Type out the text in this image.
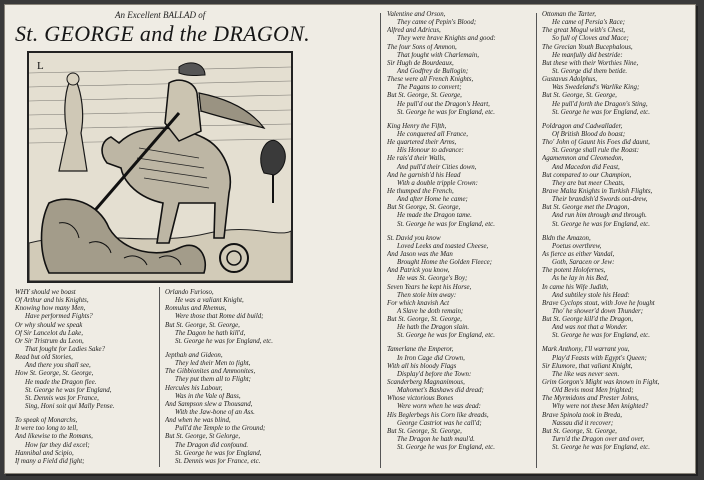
An Excellent BALLAD of
St. GEORGE and the DRAGON.
L
WHY should we boast
Of Arthur and his Knights,
Knowing how many Men,
Have performed Fights?
Or why should we speak
Of Sir Lancelot du Lake,
Or Sir Tristrum du Leon,
That fought for Ladies Sake?
Read but old Stories,
And there you shall see,
How St. George, St. George,
He made the Dragon flee.
St. George he was for England,
St. Dennis was for France,
Sing, Honi soit qui Mally Pense.
To speak of Monarchs,
It were too long to tell,
And likewise to the Romans,
How far they did excel;
Hannibal and Scipio,
If many a Field did fight;
Orlando Furioso,
He was a valiant Knight,
Romulus and Rhemus,
Were those that Rome did build;
But St. George, St. George,
The Dagon he hath kill'd,
St. George he was for England, etc.
Jepthah and Gideon,
They led their Men to fight,
The Gibbionites and Ammonites,
They put them all to Flight;
Hercules his Labour,
Was in the Vale of Bass,
And Sampson slew a Thousand,
With the Jaw-bone of an Ass.
And when he was blind,
Pull'd the Temple to the Ground;
But St. George, St Gelorge,
The Dragon did confound.
St. George he was for England,
St. Dennis was for France, etc.
Valentine and Orson,
They came of Pepin's Blood;
Alfred and Adricus,
They were brave Knights and good:
The four Sons of Ammon,
That fought with Charlemain,
Sir Hugh de Bourdeaux,
And Godfrey de Bullogin;
These were all French Knights,
The Pagans to convert;
But St. George, St. George,
He pull'd out the Dragon's Heart,
St. George he was for England, etc.
King Henry the Fifth,
He conquered all France,
He quartered their Arms,
His Honour to advance:
He rais'd their Walls,
And pull'd their Cities down,
And he garnish'd his Head
With a double tripple Crown:
He thumped the French,
And after Home he came;
But St George, St. George,
He made the Dragon tame.
St. George he was for England, etc.
St. David you know
Loved Leeks and toasted Cheese,
And Jason was the Man
Brought Home the Golden Fleece;
And Patrick you know,
He was St. George's Boy;
Seven Years he kept his Horse,
Then stole him away:
For which knavish Act
A Slave he doth remain;
But St. George, St. George,
He hath the Dragon slain.
St. George he was for England, etc.
Tamerlane the Emperor,
In Iron Cage did Crown,
With all his bloody Flags
Display'd before the Town:
Scanderberg Magnanimous,
Mahomet's Bashaws did dread;
Whose victorious Bones
Were worn when he was dead:
His Beglerbegs his Corn like dreads,
George Castriot was he call'd;
But St. George, St. George,
The Dragon he hath maul'd.
St. George he was for England, etc.
Ottoman the Tarter,
He came of Persia's Race;
The great Mogul with's Chest,
So full of Cloves and Mace;
The Grecian Youth Bucephalous,
He manfully did bestride:
But these with their Worthies Nine,
St. George did them betide.
Gustavus Adolphus,
Was Swedeland's Warlike King;
But St. George, St. George,
He pull'd forth the Dragon's Sting,
St. George he was for England, etc.
Poldragon and Cadwallader,
Of British Blood do boast;
Tho' John of Gaunt his Foes did daunt,
St. George shall rule the Roast:
Agamemnon and Cleomedon,
And Macedon did Feast,
But compared to our Champion,
They are but meer Cheats,
Brave Malta Knights in Turkish Flights,
Their brandish'd Swords out-drew,
But St. George met the Dragon,
And run him through and through.
St. George he was for England, etc.
Bldn the Amazon,
Poetus overthrew,
As fierce as either Vandal,
Goth, Saracen or Jew:
The potent Holofernes,
As he lay in his Bed,
In came his Wife Judith,
And subtiley stole his Head:
Brave Cyclops stout, with Jove he fought
Tho' he shower'd down Thunder;
But St. George kill'd the Dragon,
And was not that a Wonder.
St. George he was for England, etc.
Mark Anthony, I'll warrant you,
Play'd Feasts with Egypt's Queen;
Sir Elumore, that valiant Knight,
The like was never seen.
Grim Gorgon's Might was known in Fight,
Old Bevis most Men frighted;
The Myrmidons and Prester Johns,
Why were not these Men knighted?
Brave Spinola took in Breda,
Nassau did it recover;
But St. George, St. George,
Turn'd the Dragon over and over,
St. George he was for England, etc.
